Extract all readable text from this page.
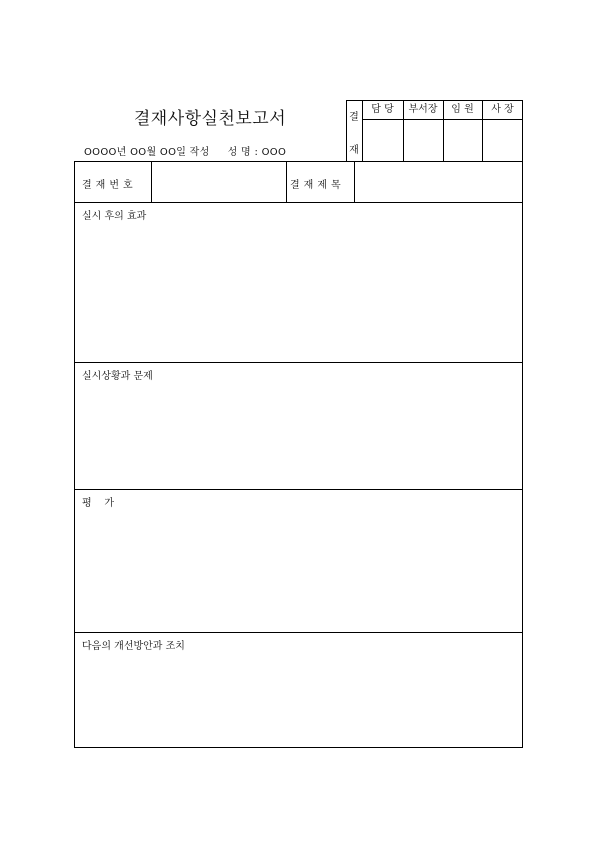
결재사항실천보고서
OOOO년 OO월 OO일 작성 성 명 : OOO
결
재
담 당	부서장	임 원	사 장
결재번호	결재제목
실시 후의 효과
실시상황과 문제
평    가
다음의 개선방안과 조치
